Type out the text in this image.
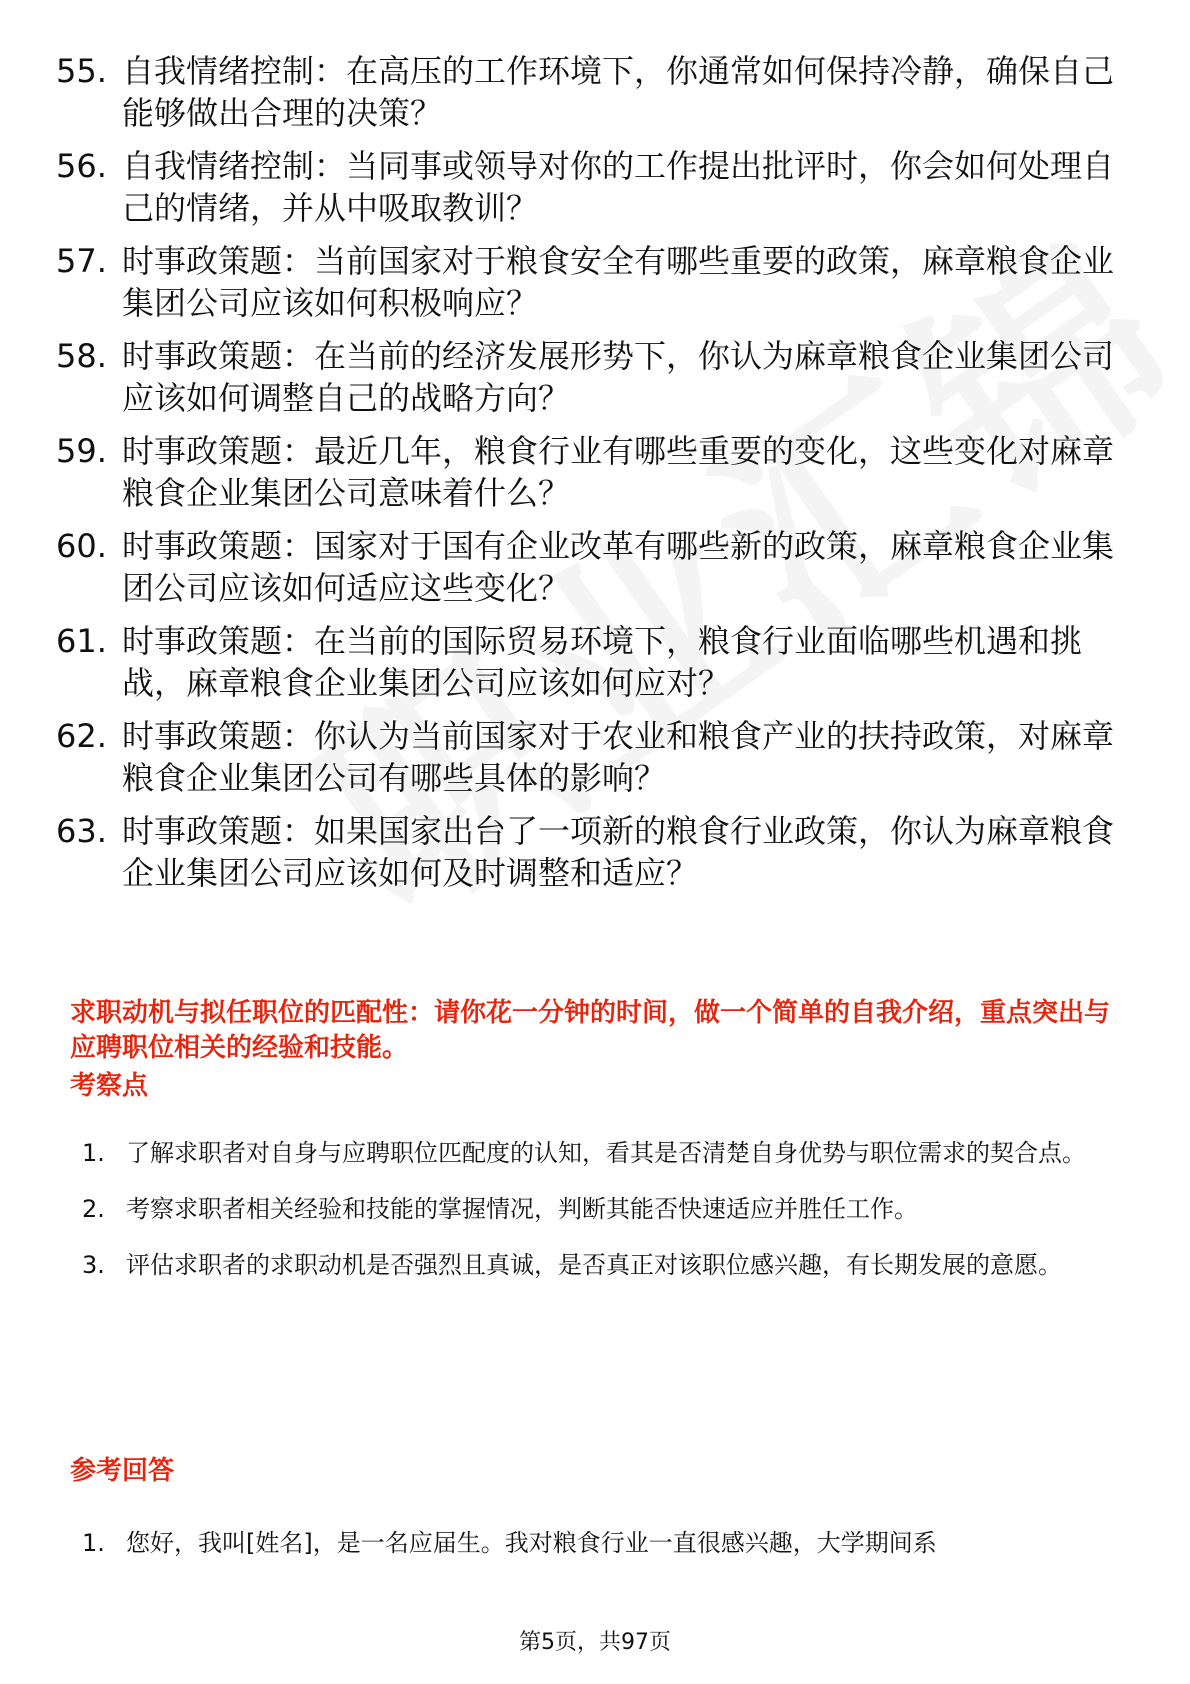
55. 自我情绪控制：在高压的工作环境下，你通常如何保持冷静，确保自己能够做出合理的决策？
56. 自我情绪控制：当同事或领导对你的工作提出批评时，你会如何处理自己的情绪，并从中吸取教训？
57. 时事政策题：当前国家对于粮食安全有哪些重要的政策，麻章粮食企业集团公司应该如何积极响应？
58. 时事政策题：在当前的经济发展形势下，你认为麻章粮食企业集团公司应该如何调整自己的战略方向？
59. 时事政策题：最近几年，粮食行业有哪些重要的变化，这些变化对麻章粮食企业集团公司意味着什么？
60. 时事政策题：国家对于国有企业改革有哪些新的政策，麻章粮食企业集团公司应该如何适应这些变化？
61. 时事政策题：在当前的国际贸易环境下，粮食行业面临哪些机遇和挑战，麻章粮食企业集团公司应该如何应对？
62. 时事政策题：你认为当前国家对于农业和粮食产业的扶持政策，对麻章粮食企业集团公司有哪些具体的影响？
63. 时事政策题：如果国家出台了一项新的粮食行业政策，你认为麻章粮食企业集团公司应该如何及时调整和适应？
求职动机与拟任职位的匹配性：请你花一分钟的时间，做一个简单的自我介绍，重点突出与应聘职位相关的经验和技能。
考察点
1. 了解求职者对自身与应聘职位匹配度的认知，看其是否清楚自身优势与职位需求的契合点。
2. 考察求职者相关经验和技能的掌握情况，判断其能否快速适应并胜任工作。
3. 评估求职者的求职动机是否强烈且真诚，是否真正对该职位感兴趣，有长期发展的意愿。
参考回答
1. 您好，我叫[姓名]，是一名应届生。我对粮食行业一直很感兴趣，大学期间系
第5页，共97页
